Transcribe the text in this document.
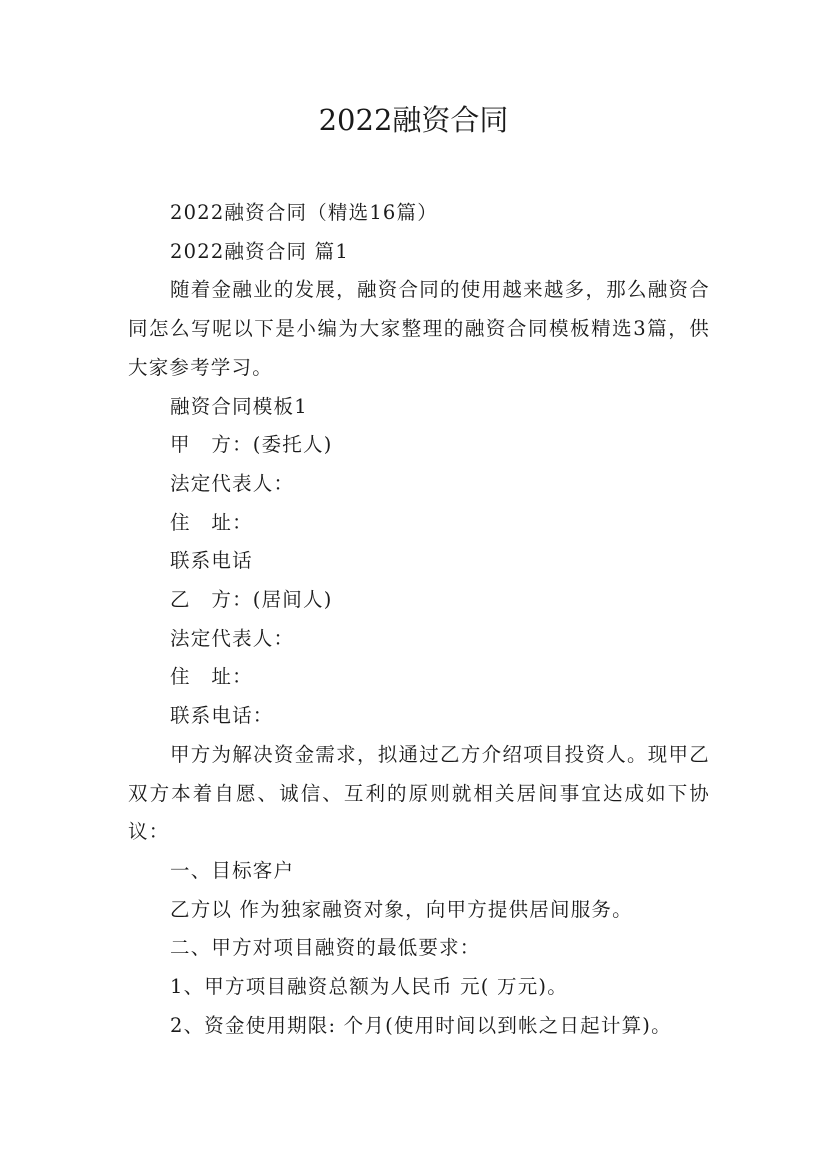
2022融资合同

2022融资合同（精选16篇）

2022融资合同 篇1

随着金融业的发展，融资合同的使用越来越多，那么融资合同怎么写呢以下是小编为大家整理的融资合同模板精选3篇，供大家参考学习。

融资合同模板1

甲　方：(委托人)

法定代表人：

住　址：

联系电话

乙　方：(居间人)

法定代表人：

住　址：

联系电话：

甲方为解决资金需求，拟通过乙方介绍项目投资人。现甲乙双方本着自愿、诚信、互利的原则就相关居间事宜达成如下协议：

一、目标客户

乙方以 作为独家融资对象，向甲方提供居间服务。

二、甲方对项目融资的最低要求：

1、甲方项目融资总额为人民币 元( 万元)。

2、资金使用期限: 个月(使用时间以到帐之日起计算)。
